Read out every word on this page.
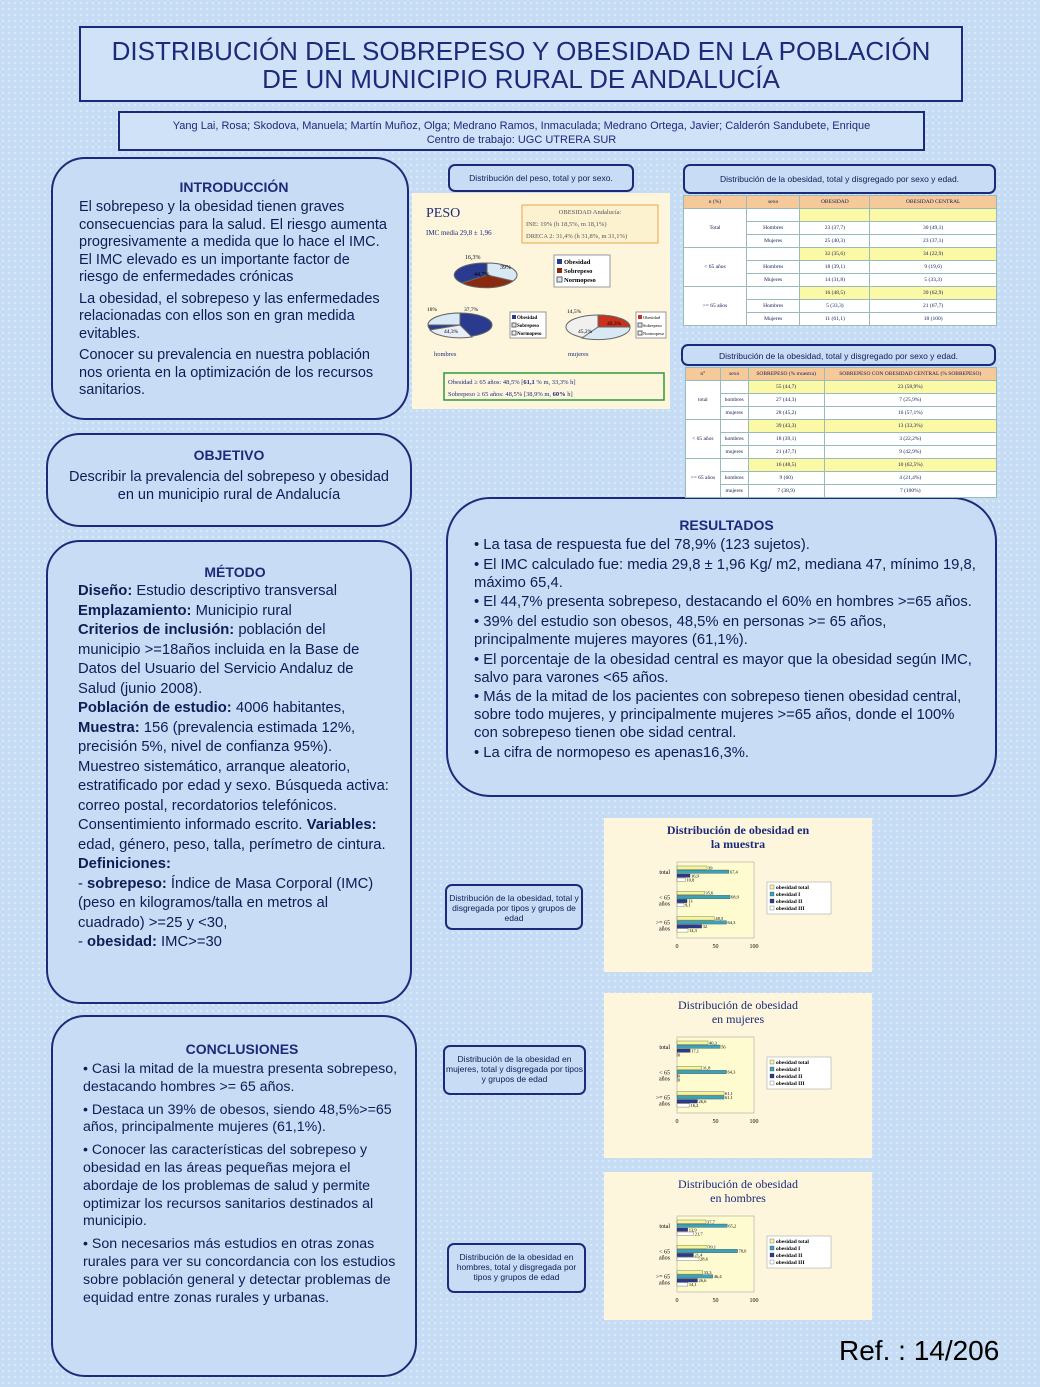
DISTRIBUCIÓN DEL SOBREPESO Y OBESIDAD EN LA POBLACIÓN
DE UN MUNICIPIO RURAL DE ANDALUCÍA
Yang Lai, Rosa; Skodova, Manuela; Martín Muñoz, Olga; Medrano Ramos, Inmaculada; Medrano Ortega, Javier; Calderón Sandubete, Enrique
Centro de trabajo: UGC UTRERA SUR
INTRODUCCIÓN

El sobrepeso y la obesidad tienen graves consecuencias para la salud. El riesgo aumenta progresivamente a medida que lo hace el IMC. El IMC elevado es un importante factor de riesgo de enfermedades crónicas

La obesidad, el sobrepeso y las enfermedades relacionadas con ellos son en gran medida evitables.

Conocer su prevalencia en nuestra población nos orienta en la optimización de los recursos sanitarios.

OBJETIVO

Describir la prevalencia del sobrepeso y obesidad en un municipio rural de Andalucía

MÉTODO
Diseño: Estudio descriptivo transversal
Emplazamiento: Municipio rural
Criterios de inclusión: población del municipio >=18años incluida en la Base de Datos del Usuario del Servicio Andaluz de Salud (junio 2008).
Población de estudio: 4006 habitantes,
Muestra: 156 (prevalencia estimada 12%, precisión 5%, nivel de confianza 95%). Muestreo sistemático, arranque aleatorio, estratificado por edad y sexo. Búsqueda activa: correo postal, recordatorios telefónicos. Consentimiento informado escrito. Variables: edad, género, peso, talla, perímetro de cintura.
Definiciones:
- sobrepeso: Índice de Masa Corporal (IMC) (peso en kilogramos/talla en metros al cuadrado) >=25 y <30,
- obesidad: IMC>=30
CONCLUSIONES
• Casi la mitad de la muestra presenta sobrepeso, destacando hombres >= 65 años.
• Destaca un 39% de obesos, siendo 48,5%>=65 años, principalmente mujeres (61,1%).
• Conocer las características del sobrepeso y obesidad en las áreas pequeñas mejora el abordaje de los problemas de salud y permite optimizar los recursos sanitarios destinados al municipio.
• Son necesarios más estudios en otras zonas rurales para ver su concordancia con los estudios sobre población general y detectar problemas de equidad entre zonas rurales y urbanas.
RESULTADOS
• La tasa de respuesta fue del 78,9% (123 sujetos).
• El IMC calculado fue: media 29,8 ± 1,96 Kg/ m2, mediana 47, mínimo 19,8, máximo 65,4.
• El 44,7% presenta sobrepeso, destacando el 60% en hombres >=65 años.
• 39% del estudio son obesos, 48,5% en personas >= 65 años, principalmente mujeres mayores (61,1%).
• El porcentaje de la obesidad central es mayor que la obesidad según IMC, salvo para varones <65 años.
• Más de la mitad de los pacientes con sobrepeso tienen obesidad central, sobre todo mujeres, y principalmente mujeres >=65 años, donde el 100% con sobrepeso tienen obe sidad central.
• La cifra de normopeso es apenas16,3%.
Distribución del peso, total y por sexo.	Distribución de la obesidad, total y disgregado por sexo y edad.
Distribución de la obesidad, total y disgregado por sexo y edad.
Distribución de la obesidad, total y disgregada por tipos y grupos de edad
Distribución de la obesidad en mujeres, total y disgregada por tipos y grupos de edad
Distribución de la obesidad en hombres, total y disgregada por tipos y grupos de edad
PESO
IMC media 29,8 ± 1,96
OBESIDAD Andalucía:
INE: 19% (h 18,5%, m 18,1%)
DRECA 2: 31,4% (h 31,8%, m 31,1%)
16,3%
44,7%
39%
Obesidad
Sobrepeso
Normopeso
18%	37,7%
44,3%
hombres
Obesidad
Sobrepeso
Normopeso
14,5%
40,3%
45,2%
mujeres
Obesidad
Sobrepeso
Normopeso
Obesidad ≥ 65 años: 48,5% [61,1 % m, 33,3% h]
Sobrepeso ≥ 65 años: 48,5% [38,9% m, 60% h]
n (%)	sexo	OBESIDAD	OBESIDAD CENTRAL
Total			
	Hombres	23 (37,7)	30 (49,1)
	Mujeres	25 (40,3)	23 (37,1)
< 65 años		32 (35,6)	34 (22,9)
	Hombres	18 (39,1)	9 (19,6)
	Mujeres	14 (31,8)	5 (33,3)
>= 65 años		16 (48,5)	39 (62,9)
	Hombres	5 (33,3)	21 (67,7)
	Mujeres	11 (61,1)	18 (100)
n°	sexo	SOBREPESO (% muestra)	SOBREPESO CON OBESIDAD CENTRAL (% SOBREPESO)
total		55 (44,7)	23 (58,9%)
	hombres	27 (44,3)	7 (25,9%)
	mujeres	28 (45,2)	16 (57,1%)
< 65 años		39 (43,3)	13 (33,3%)
	hombres	18 (39,1)	3 (22,2%)
	mujeres	21 (47,7)	9 (42,9%)
>= 65 años		16 (48,5)	10 (62,5%)
	hombres	9 (60)	4 (21,4%)
	mujeres	7 (38,9)	7 (100%)
Distribución de obesidad en
la muestra
total
39
67,4
16,9
10,8
< 65
años
35,6
68,9
13
9,1
>= 65
años
48,5
64,3
32
14,3
0	50	100
obesidad total
obesidad I
obesidad II
obesidad III
Distribución de obesidad
en mujeres
total
40,3
56
17,1
0
< 65
años
31,8
64,3
0
0
>= 65
años
61,1
61,1
26,6
16,2
0	50	100
obesidad total
obesidad I
obesidad II
obesidad III
Distribución de obesidad
en hombres
total
37,7
65,2
13,9
21,7
< 65
años
39,1
78,6
21,4
28,6
>= 65
años
33,3
46,4
26,6
14,1
0	50	100
obesidad total
obesidad I
obesidad II
obesidad III
Ref. : 14/206
